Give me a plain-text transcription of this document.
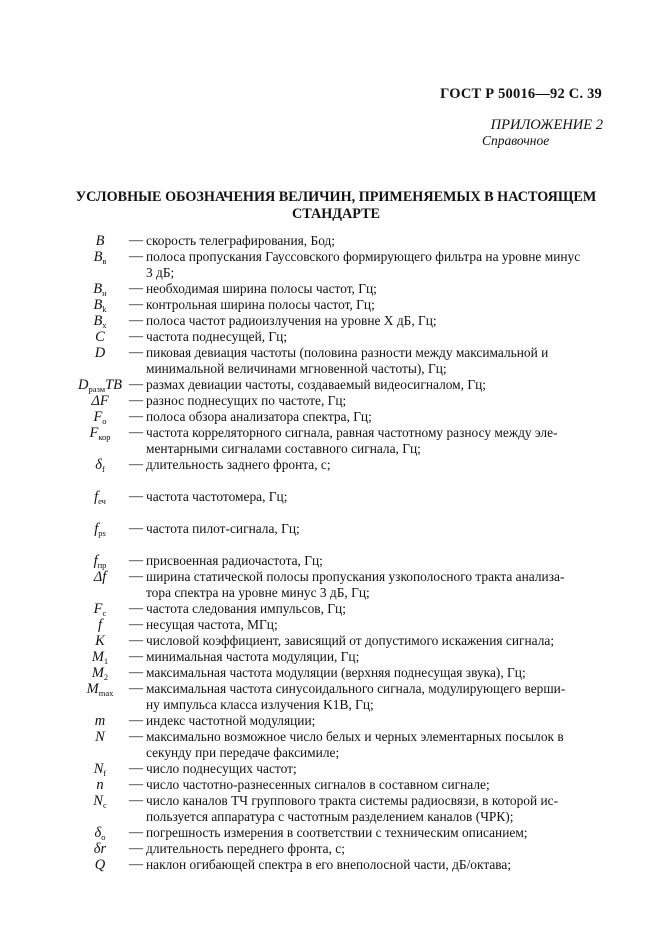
ГОСТ Р 50016—92 С. 39
ПРИЛОЖЕНИЕ 2
Справочное
УСЛОВНЫЕ ОБОЗНАЧЕНИЯ ВЕЛИЧИН, ПРИМЕНЯЕМЫХ В НАСТОЯЩЕМ
СТАНДАРТЕ
B	— скорость телеграфирования, Бод;
$B_в$	— полоса пропускания Гауссовского формирующего фильтра на уровне минус
3 дБ;
$B_н$	— необходимая ширина полосы частот, Гц;
$B_k$	— контрольная ширина полосы частот, Гц;
$B_x$	— полоса частот радиоизлучения на уровне X дБ, Гц;
C	— частота поднесущей, Гц;
D	— пиковая девиация частоты (половина разности между максимальной и
минимальной величинами мгновенной частоты), Гц;
$D_{разм}ТВ$ — размах девиации частоты, создаваемый видеосигналом, Гц;
ΔF	— разнос поднесущих по частоте, Гц;
$F_о$	— полоса обзора анализатора спектра, Гц;
$F_{кор}$	— частота корреляторного сигнала, равная частотному разносу между эле-
ментарными сигналами составного сигнала, Гц;
$\delta_f$	— длительность заднего фронта, с;
$f_{еч}$	— частота частотомера, Гц;
$f_{ps}$	— частота пилот-сигнала, Гц;
$f_{пр}$	— присвоенная радиочастота, Гц;
Δf	— ширина статической полосы пропускания узкополосного тракта анализа-
тора спектра на уровне минус 3 дБ, Гц;
$F_с$	— частота следования импульсов, Гц;
f	— несущая частота, МГц;
K	— числовой коэффициент, зависящий от допустимого искажения сигнала;
$M_1$	— минимальная частота модуляции, Гц;
$M_2$	— максимальная частота модуляции (верхняя поднесущая звука), Гц;
$M_{max}$	— максимальная частота синусоидального сигнала, модулирующего верши-
ну импульса класса излучения K1B, Гц;
m	— индекс частотной модуляции;
N	— максимально возможное число белых и черных элементарных посылок в
секунду при передаче факсимиле;
$N_f$	— число поднесущих частот;
n	— число частотно-разнесенных сигналов в составном сигнале;
$N_c$	— число каналов ТЧ группового тракта системы радиосвязи, в которой ис-
пользуется аппаратура с частотным разделением каналов (ЧРК);
$\delta_о$	— погрешность измерения в соответствии с техническим описанием;
δr	— длительность переднего фронта, с;
Q	— наклон огибающей спектра в его внеполосной части, дБ/октава;
